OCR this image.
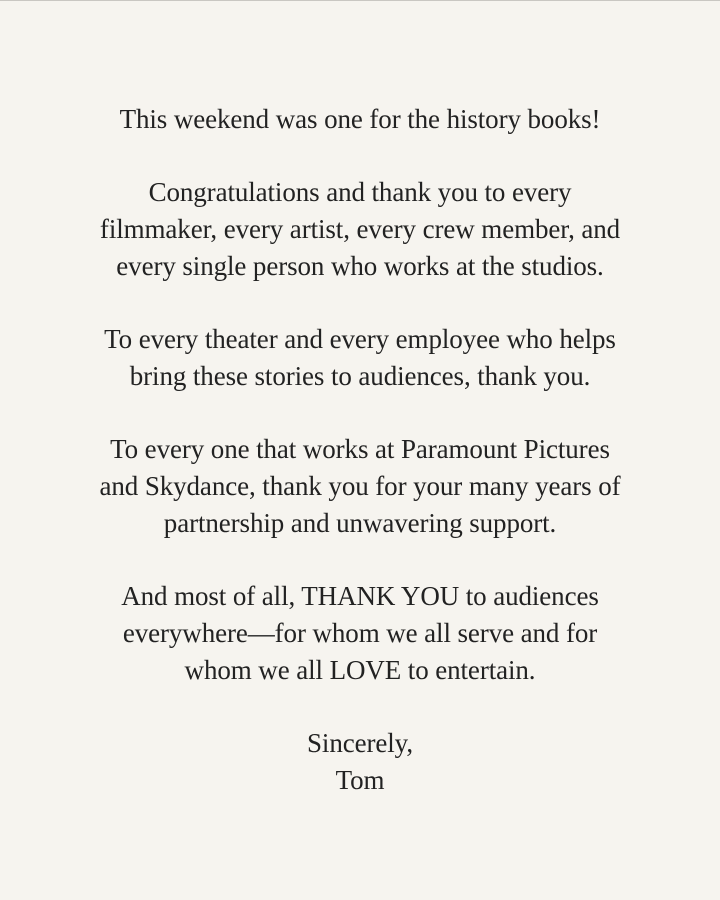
This weekend was one for the history books!

Congratulations and thank you to every
filmmaker, every artist, every crew member, and
every single person who works at the studios.

To every theater and every employee who helps
bring these stories to audiences, thank you.

To every one that works at Paramount Pictures
and Skydance, thank you for your many years of
partnership and unwavering support.

And most of all, THANK YOU to audiences
everywhere—for whom we all serve and for
whom we all LOVE to entertain.

Sincerely,
Tom
